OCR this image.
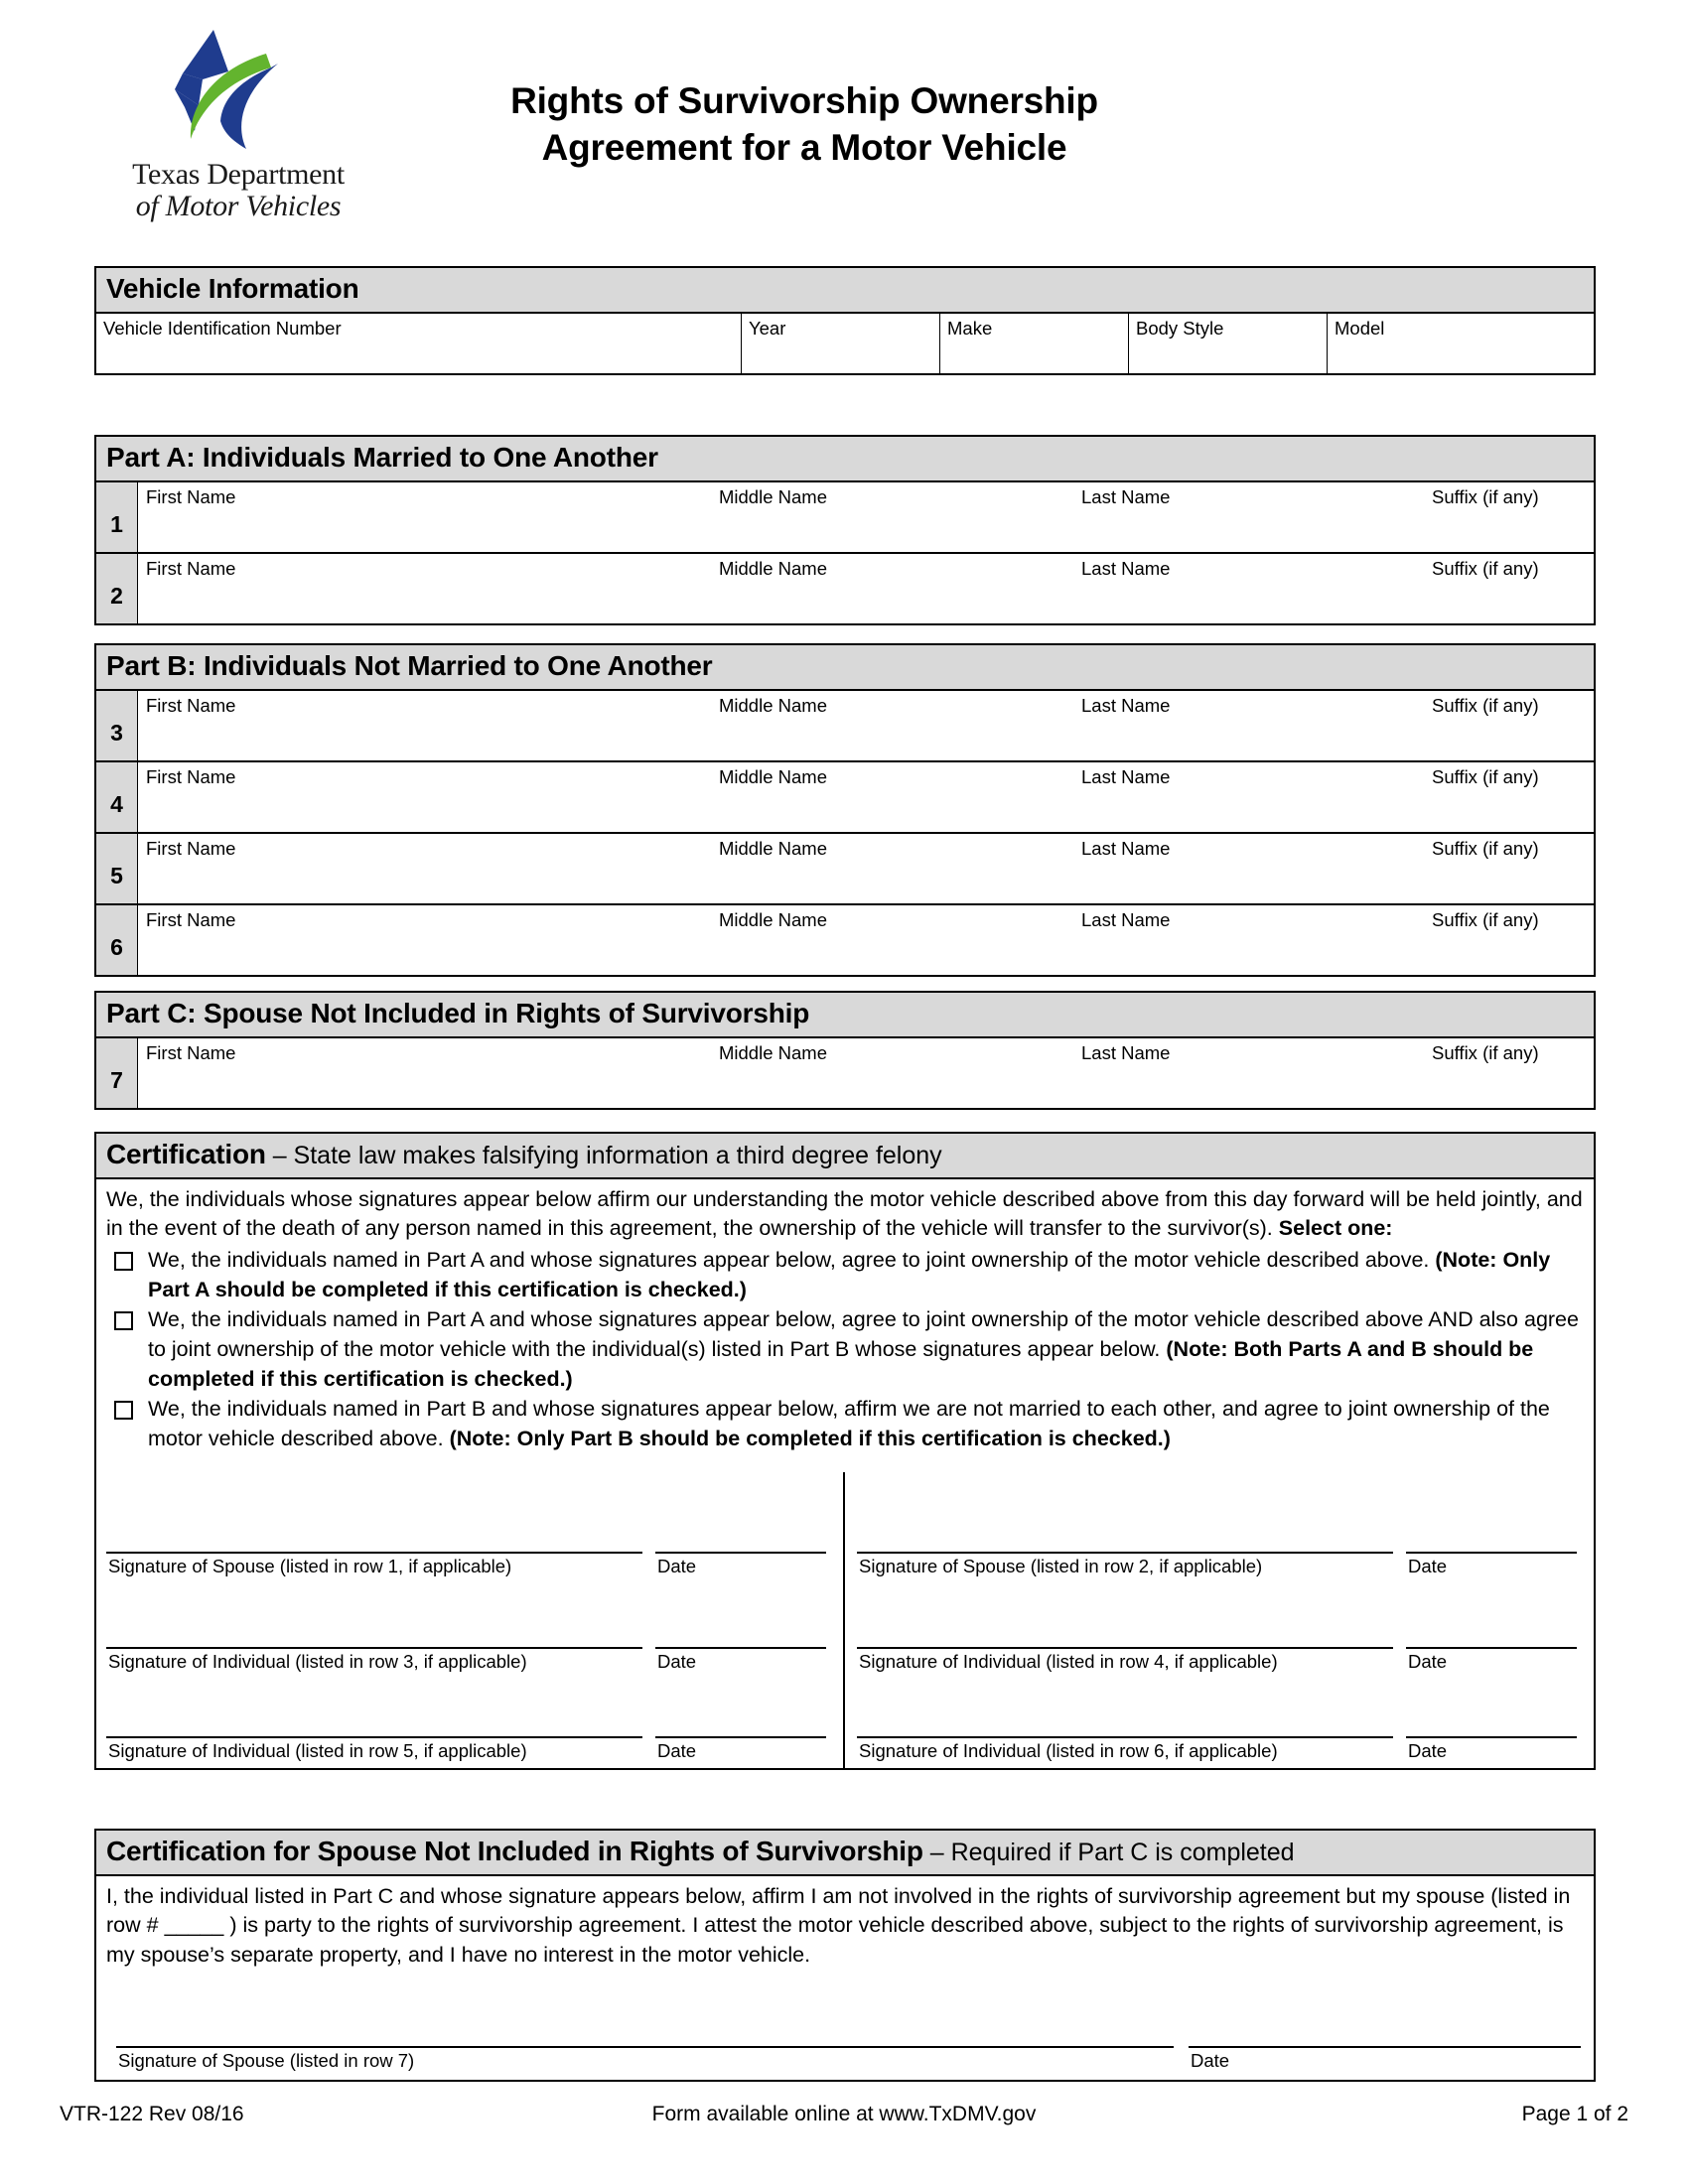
Texas Department
of Motor Vehicles
Rights of Survivorship Ownership
Agreement for a Motor Vehicle
Vehicle Information
Vehicle Identification Number	Year	Make	Body Style	Model
Part A: Individuals Married to One Another
1
First Name	Middle Name	Last Name	Suffix (if any)
2
First Name	Middle Name	Last Name	Suffix (if any)
Part B: Individuals Not Married to One Another
3
First Name	Middle Name	Last Name	Suffix (if any)
4
First Name	Middle Name	Last Name	Suffix (if any)
5
First Name	Middle Name	Last Name	Suffix (if any)
6
First Name	Middle Name	Last Name	Suffix (if any)
Part C: Spouse Not Included in Rights of Survivorship
7
First Name	Middle Name	Last Name	Suffix (if any)
Certification – State law makes falsifying information a third degree felony

We, the individuals whose signatures appear below affirm our understanding the motor vehicle described above from this day forward will be held jointly, and in the event of the death of any person named in this agreement, the ownership of the vehicle will transfer to the survivor(s). Select one:

We, the individuals named in Part A and whose signatures appear below, agree to joint ownership of the motor vehicle described above. (Note: Only Part A should be completed if this certification is checked.)
We, the individuals named in Part A and whose signatures appear below, agree to joint ownership of the motor vehicle described above AND also agree to joint ownership of the motor vehicle with the individual(s) listed in Part B whose signatures appear below. (Note: Both Parts A and B should be completed if this certification is checked.)
We, the individuals named in Part B and whose signatures appear below, affirm we are not married to each other, and agree to joint ownership of the motor vehicle described above. (Note: Only Part B should be completed if this certification is checked.)
Signature of Spouse (listed in row 1, if applicable)	Date	Signature of Spouse (listed in row 2, if applicable)	Date
Signature of Individual (listed in row 3, if applicable)	Date	Signature of Individual (listed in row 4, if applicable)	Date
Signature of Individual (listed in row 5, if applicable)	Date	Signature of Individual (listed in row 6, if applicable)	Date
Certification for Spouse Not Included in Rights of Survivorship – Required if Part C is completed

I, the individual listed in Part C and whose signature appears below, affirm I am not involved in the rights of survivorship agreement but my spouse (listed in row # _____ ) is party to the rights of survivorship agreement. I attest the motor vehicle described above, subject to the rights of survivorship agreement, is my spouse’s separate property, and I have no interest in the motor vehicle.

Signature of Spouse (listed in row 7)	Date
VTR-122 Rev 08/16	Form available online at www.TxDMV.gov	Page 1 of 2
